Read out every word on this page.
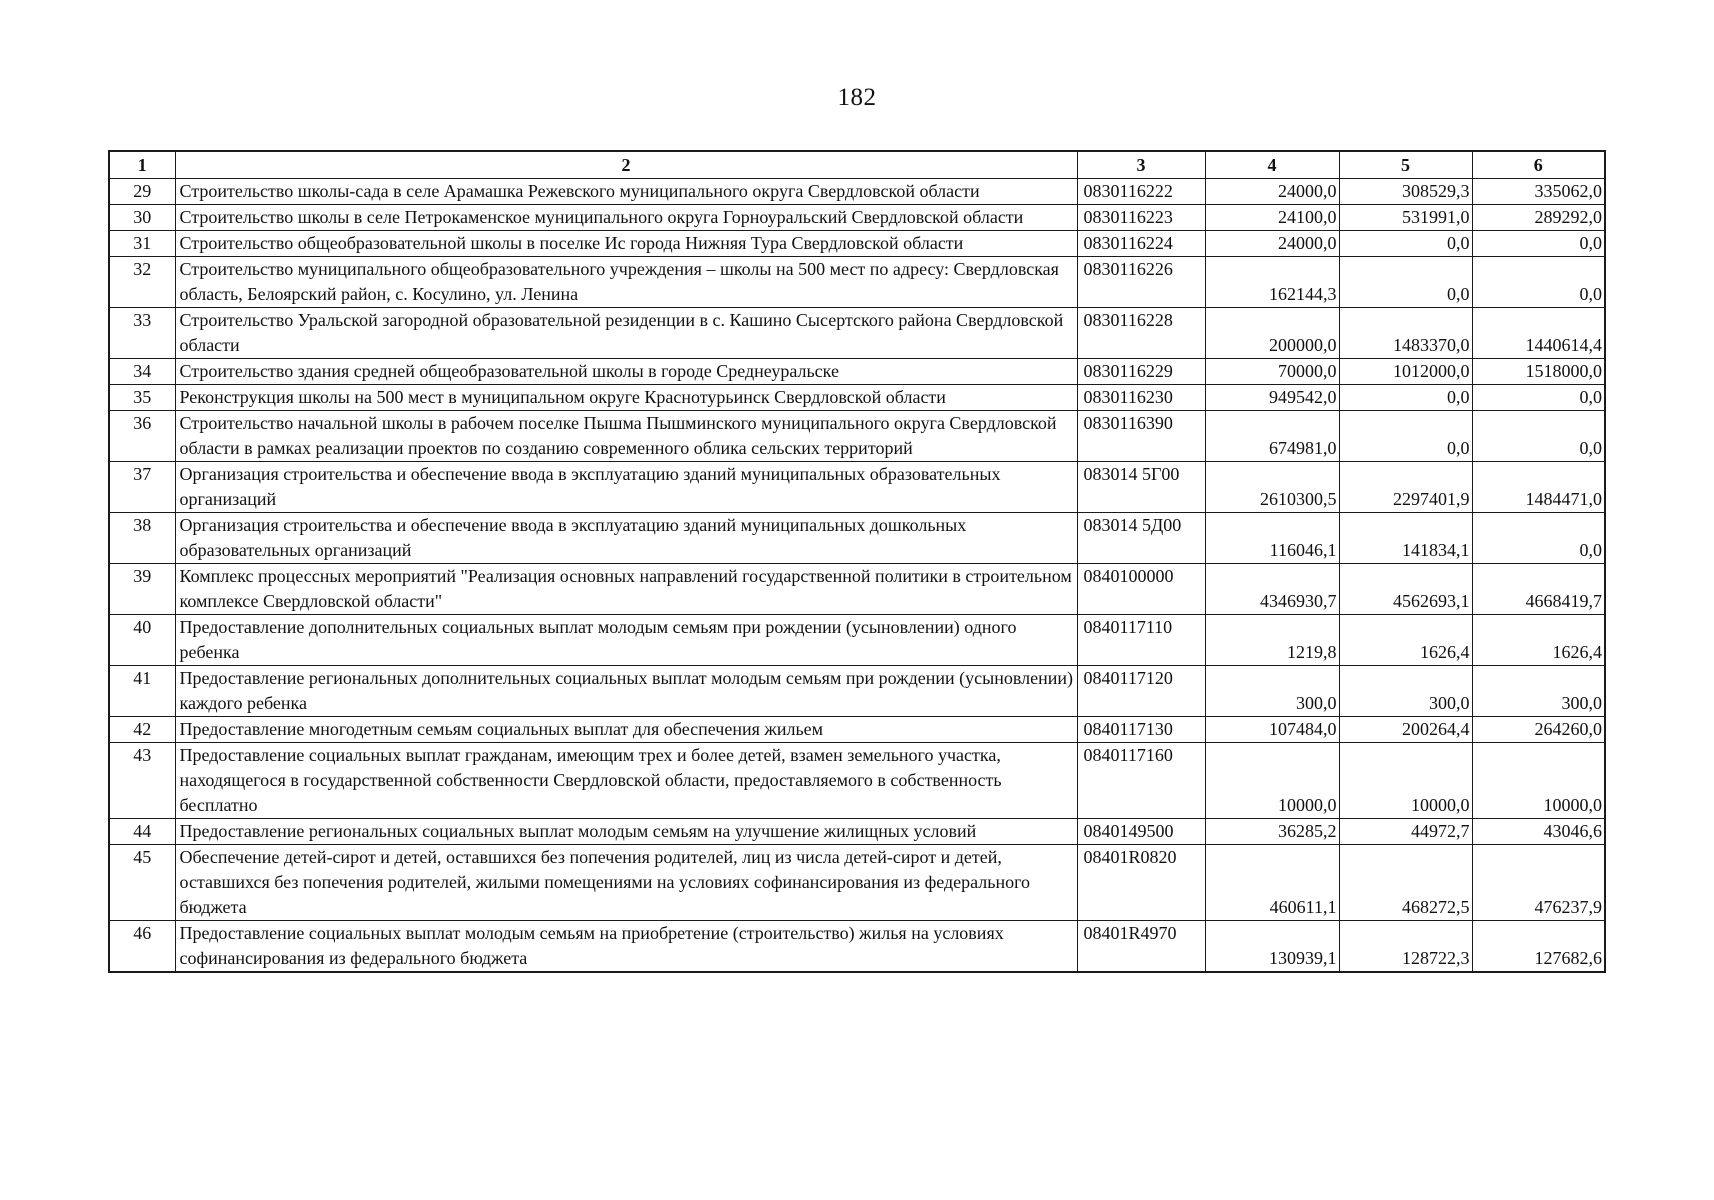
182
1	2	3	4	5	6
29	Строительство школы-сада в селе Арамашка Режевского муниципального округа Свердловской области	0830116222	24000,0	308529,3	335062,0
30	Строительство школы в селе Петрокаменское муниципального округа Горноуральский Свердловской области	0830116223	24100,0	531991,0	289292,0
31	Строительство общеобразовательной школы в поселке Ис города Нижняя Тура Свердловской области	0830116224	24000,0	0,0	0,0
32	Строительство муниципального общеобразовательного учреждения – школы на 500 мест по адресу: Свердловская область, Белоярский район, с. Косулино, ул. Ленина	0830116226	162144,3	0,0	0,0
33	Строительство Уральской загородной образовательной резиденции в с. Кашино Сысертского района Свердловской области	0830116228	200000,0	1483370,0	1440614,4
34	Строительство здания средней общеобразовательной школы в городе Среднеуральске	0830116229	70000,0	1012000,0	1518000,0
35	Реконструкция школы на 500 мест в муниципальном округе Краснотурьинск Свердловской области	0830116230	949542,0	0,0	0,0
36	Строительство начальной школы в рабочем поселке Пышма Пышминского муниципального округа Свердловской области в рамках реализации проектов по созданию современного облика сельских территорий	0830116390	674981,0	0,0	0,0
37	Организация строительства и обеспечение ввода в эксплуатацию зданий муниципальных образовательных организаций	083014 5Г00	2610300,5	2297401,9	1484471,0
38	Организация строительства и обеспечение ввода в эксплуатацию зданий муниципальных дошкольных образовательных организаций	083014 5Д00	116046,1	141834,1	0,0
39	Комплекс процессных мероприятий "Реализация основных направлений государственной политики в строительном комплексе Свердловской области"	0840100000	4346930,7	4562693,1	4668419,7
40	Предоставление дополнительных социальных выплат молодым семьям при рождении (усыновлении) одного ребенка	0840117110	1219,8	1626,4	1626,4
41	Предоставление региональных дополнительных социальных выплат молодым семьям при рождении (усыновлении) каждого ребенка	0840117120	300,0	300,0	300,0
42	Предоставление многодетным семьям социальных выплат для обеспечения жильем	0840117130	107484,0	200264,4	264260,0
43	Предоставление социальных выплат гражданам, имеющим трех и более детей, взамен земельного участка, находящегося в государственной собственности Свердловской области, предоставляемого в собственность бесплатно	0840117160	10000,0	10000,0	10000,0
44	Предоставление региональных социальных выплат молодым семьям на улучшение жилищных условий	0840149500	36285,2	44972,7	43046,6
45	Обеспечение детей-сирот и детей, оставшихся без попечения родителей, лиц из числа детей-сирот и детей, оставшихся без попечения родителей, жилыми помещениями на условиях софинансирования из федерального бюджета	08401R0820	460611,1	468272,5	476237,9
46	Предоставление социальных выплат молодым семьям на приобретение (строительство) жилья на условиях софинансирования из федерального бюджета	08401R4970	130939,1	128722,3	127682,6
